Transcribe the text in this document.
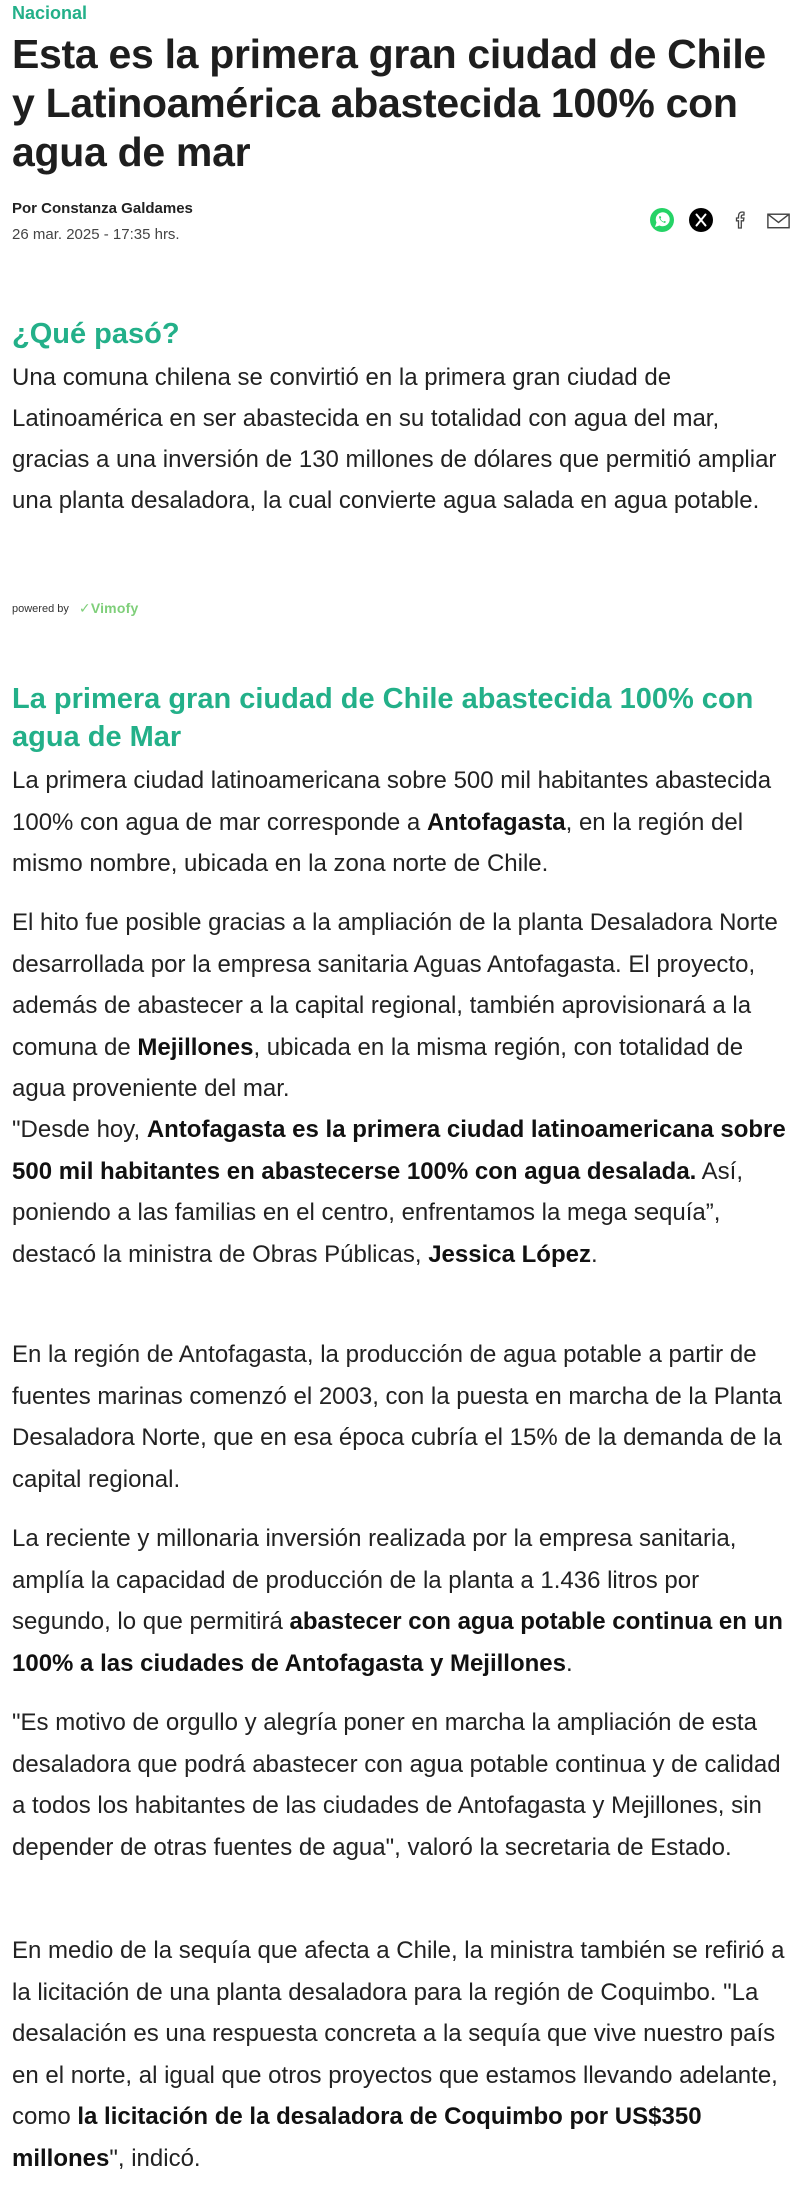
Nacional
Esta es la primera gran ciudad de Chile y Latinoamérica abastecida 100% con agua de mar
Por Constanza Galdames
26 mar. 2025 - 17:35 hrs.
¿Qué pasó?

Una comuna chilena se convirtió en la primera gran ciudad de Latinoamérica en ser abastecida en su totalidad con agua del mar, gracias a una inversión de 130 millones de dólares que permitió ampliar una planta desaladora, la cual convierte agua salada en agua potable.

powered by ✓Vimofy
La primera gran ciudad de Chile abastecida 100% con agua de Mar

La primera ciudad latinoamericana sobre 500 mil habitantes abastecida 100% con agua de mar corresponde a Antofagasta, en la región del mismo nombre, ubicada en la zona norte de Chile.

El hito fue posible gracias a la ampliación de la planta Desaladora Norte desarrollada por la empresa sanitaria Aguas Antofagasta. El proyecto, además de abastecer a la capital regional, también aprovisionará a la comuna de Mejillones, ubicada en la misma región, con totalidad de agua proveniente del mar.

"Desde hoy, Antofagasta es la primera ciudad latinoamericana sobre 500 mil habitantes en abastecerse 100% con agua desalada. Así, poniendo a las familias en el centro, enfrentamos la mega sequía”, destacó la ministra de Obras Públicas, Jessica López.

En la región de Antofagasta, la producción de agua potable a partir de fuentes marinas comenzó el 2003, con la puesta en marcha de la Planta Desaladora Norte, que en esa época cubría el 15% de la demanda de la capital regional.

La reciente y millonaria inversión realizada por la empresa sanitaria, amplía la capacidad de producción de la planta a 1.436 litros por segundo, lo que permitirá abastecer con agua potable continua en un 100% a las ciudades de Antofagasta y Mejillones.

"Es motivo de orgullo y alegría poner en marcha la ampliación de esta desaladora que podrá abastecer con agua potable continua y de calidad a todos los habitantes de las ciudades de Antofagasta y Mejillones, sin depender de otras fuentes de agua", valoró la secretaria de Estado.

En medio de la sequía que afecta a Chile, la ministra también se refirió a la licitación de una planta desaladora para la región de Coquimbo. "La desalación es una respuesta concreta a la sequía que vive nuestro país en el norte, al igual que otros proyectos que estamos llevando adelante, como la licitación de la desaladora de Coquimbo por US$350 millones", indicó.
